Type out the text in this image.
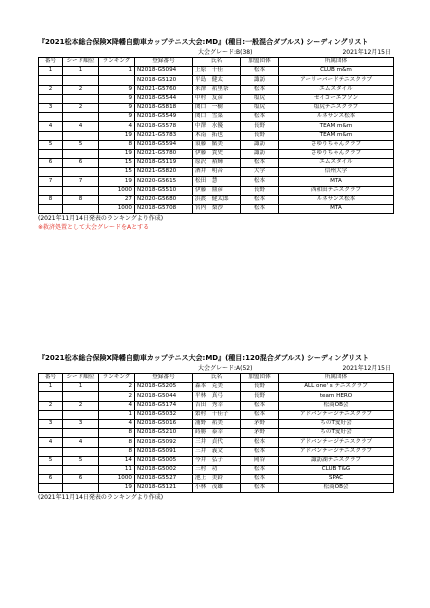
『2021松本総合保険X降幡自動車カップテニス大会:MD』(種目:一般混合ダブルス) シーディングリスト
大会グレード:B(38)	2021年12月15日
番号	シード順位	ランキング	登録番号	氏名	加盟団体	所属団体
1	1	1	N2018-G5094	上原　千佳	松本	CLUB m&m
			N2018-G5120	平島　健太	諏訪	アーリーバードテニスクラブ
2	2	9	N2021-G5760	米澤　祐里奈	松本	エムスタイル
		9	N2018-G5544	中村　友彦	塩尻	セイコーエプソン
3	2	9	N2018-G5818	関口　一樹	塩尻	塩尻テニスクラブ
		9	N2018-G5549	関口　雪菜	松本	ルネサンス松本
4	4	4	N2018-G5578	中澤　水優	長野	TEAM m&m
		19	N2021-G5783	木南　拓也	長野	TEAM m&m
5	5	8	N2018-G5594	須藤　鮎美	諏訪	さゆりちゃんクラブ
		19	N2021-G5780	伊藤　貴史	諏訪	さゆりちゃんクラブ
6	6	15	N2018-G5119	原沢　裕輝	松本	エムスタイル
		15	N2021-G5820	酒井　明音	大学	信州大学
7	7	19	N2020-G5615	松田　慧	松本	MTA
		1000	N2018-G5510	伊藤　鼎彦	長野	西和田テニスクラブ
8	8	27	N2020-G5680	浜渡　健太郎	松本	ルネサンス松本
		1000	N2018-G5708	宮内　梨沙	松本	MTA
(2021年11月14日発表のランキングより作成)
※救済処置として大会グレードをAとする
『2021松本総合保険X降幡自動車カップテニス大会:MD』(種目:120混合ダブルス) シーディングリスト
大会グレード:A(52)	2021年12月15日
番号	シード順位	ランキング	登録番号	氏名	加盟団体	所属団体
1	1	2	N2018-G5205	森本　克美	長野	ALL one' s テニスクラブ
		2	N2018-G5044	平林　真弓	長野	team HERO
2	2	4	N2018-G5174	吉田　秀幸	松本	松商OB会
		1	N2018-G5032	繁村　千佳子	松本	アドバンテージテニスクラブ
3	3	4	N2018-G5016	浦野　祐美	茅野	ちのT愛好会
		8	N2018-G5210	蒔勝　泰幸	茅野	ちのT愛好会
4	4	8	N2018-G5092	三井　貞代	松本	アドバンテージテニスクラブ
		8	N2018-G5091	三井　義文	松本	アドバンテージテニスクラブ
5	5	14	N2018-G5005	今井　弘子	岡谷	諏訪湖テニスクラブ
		11	N2018-G5002	三村　功	松本	CLUB T&G
6	6	1000	N2018-G5527	池上　美鈴	松本	SPAC
		19	N2018-G5121	小林　茂雄	松本	松商OB会
(2021年11月14日発表のランキングより作成)
